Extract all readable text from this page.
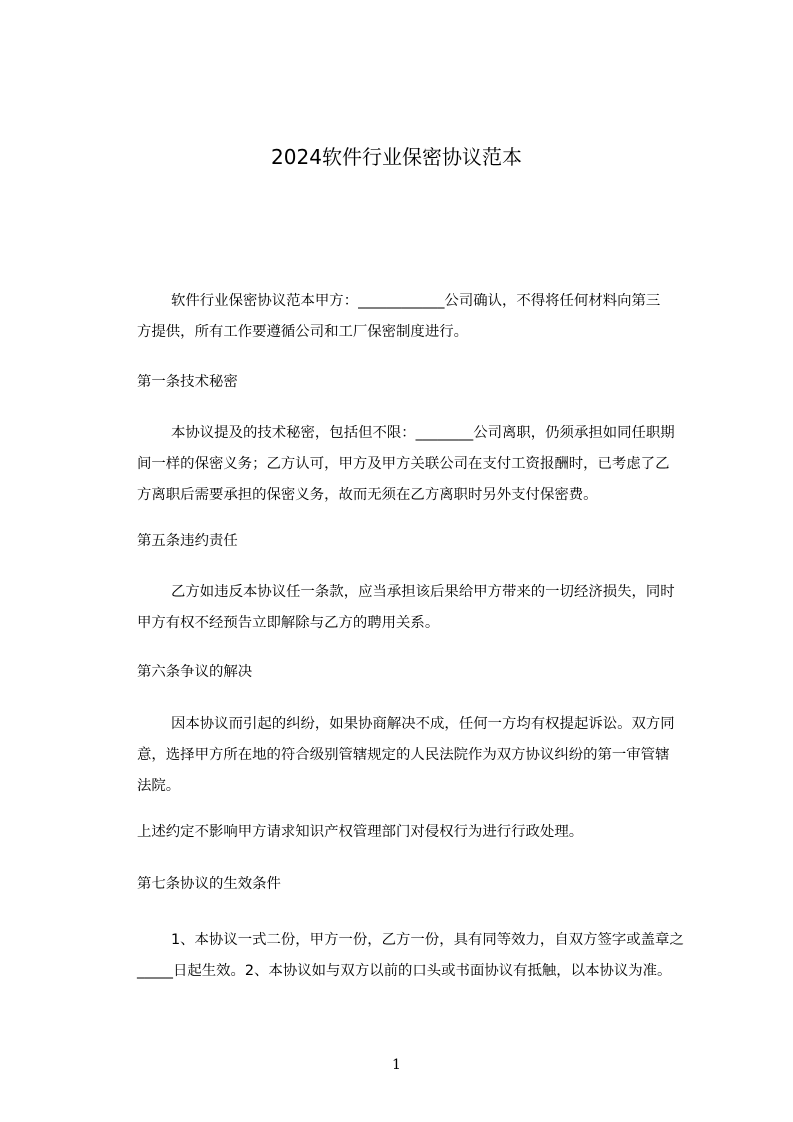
2024软件行业保密协议范本

软件行业保密协议范本甲方：____________公司确认，不得将任何材料向第三
方提供，所有工作要遵循公司和工厂保密制度进行。

第一条技术秘密

本协议提及的技术秘密，包括但不限：________公司离职，仍须承担如同任职期
间一样的保密义务；乙方认可，甲方及甲方关联公司在支付工资报酬时，已考虑了乙
方离职后需要承担的保密义务，故而无须在乙方离职时另外支付保密费。

第五条违约责任

乙方如违反本协议任一条款，应当承担该后果给甲方带来的一切经济损失，同时
甲方有权不经预告立即解除与乙方的聘用关系。

第六条争议的解决

因本协议而引起的纠纷，如果协商解决不成，任何一方均有权提起诉讼。双方同
意，选择甲方所在地的符合级别管辖规定的人民法院作为双方协议纠纷的第一审管辖
法院。

上述约定不影响甲方请求知识产权管理部门对侵权行为进行行政处理。

第七条协议的生效条件

1、本协议一式二份，甲方一份，乙方一份，具有同等效力，自双方签字或盖章之
_____日起生效。2、本协议如与双方以前的口头或书面协议有抵触，以本协议为准。

1
